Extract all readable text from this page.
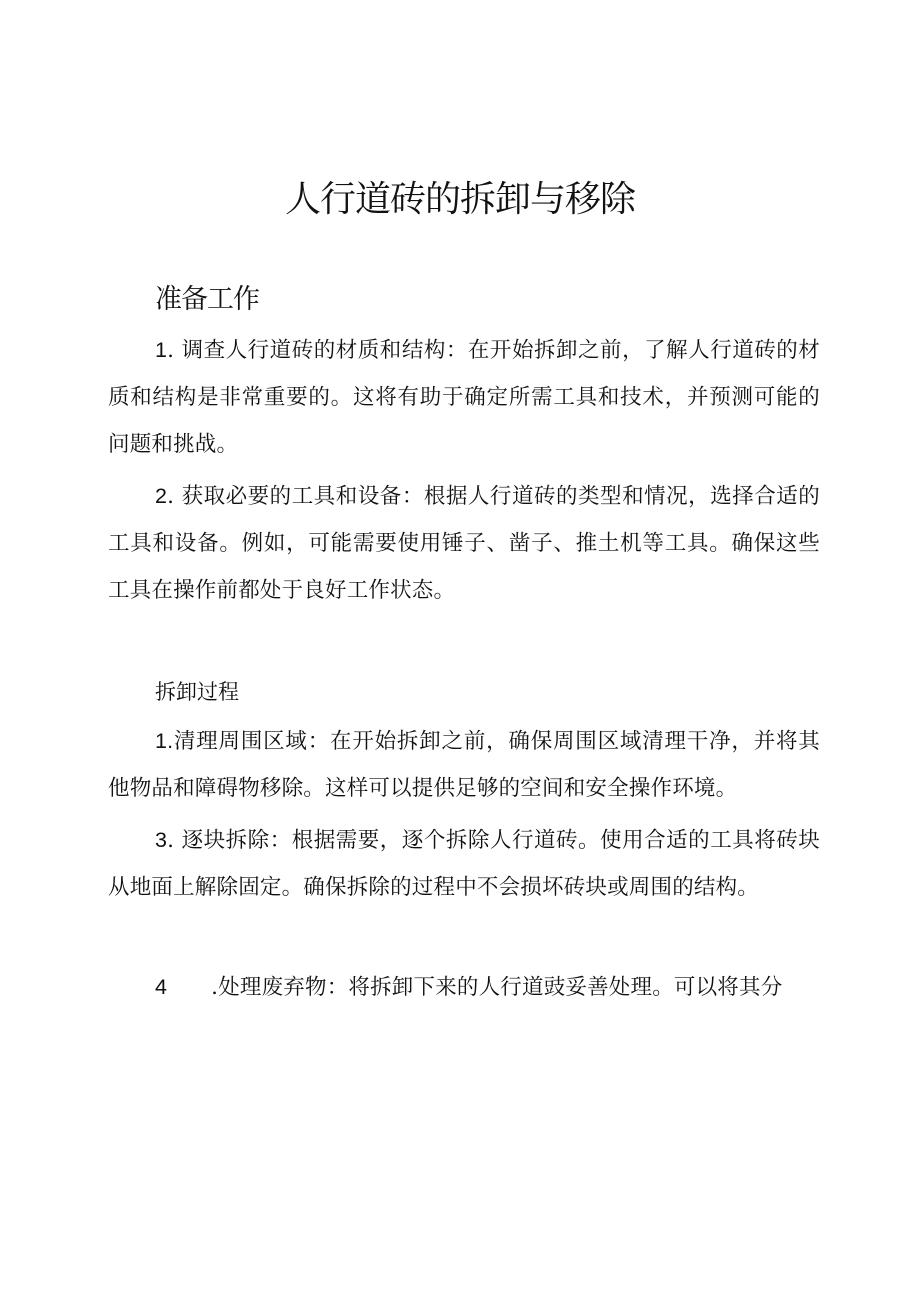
人行道砖的拆卸与移除
准备工作
1. 调查人行道砖的材质和结构：在开始拆卸之前，了解人行道砖的材质和结构是非常重要的。这将有助于确定所需工具和技术，并预测可能的问题和挑战。
2. 获取必要的工具和设备：根据人行道砖的类型和情况，选择合适的工具和设备。例如，可能需要使用锤子、凿子、推土机等工具。确保这些工具在操作前都处于良好工作状态。
拆卸过程
1.清理周围区域：在开始拆卸之前，确保周围区域清理干净，并将其他物品和障碍物移除。这样可以提供足够的空间和安全操作环境。
3. 逐块拆除：根据需要，逐个拆除人行道砖。使用合适的工具将砖块从地面上解除固定。确保拆除的过程中不会损坏砖块或周围的结构。
4 .处理废弃物：将拆卸下来的人行道豉妥善处理。可以将其分
